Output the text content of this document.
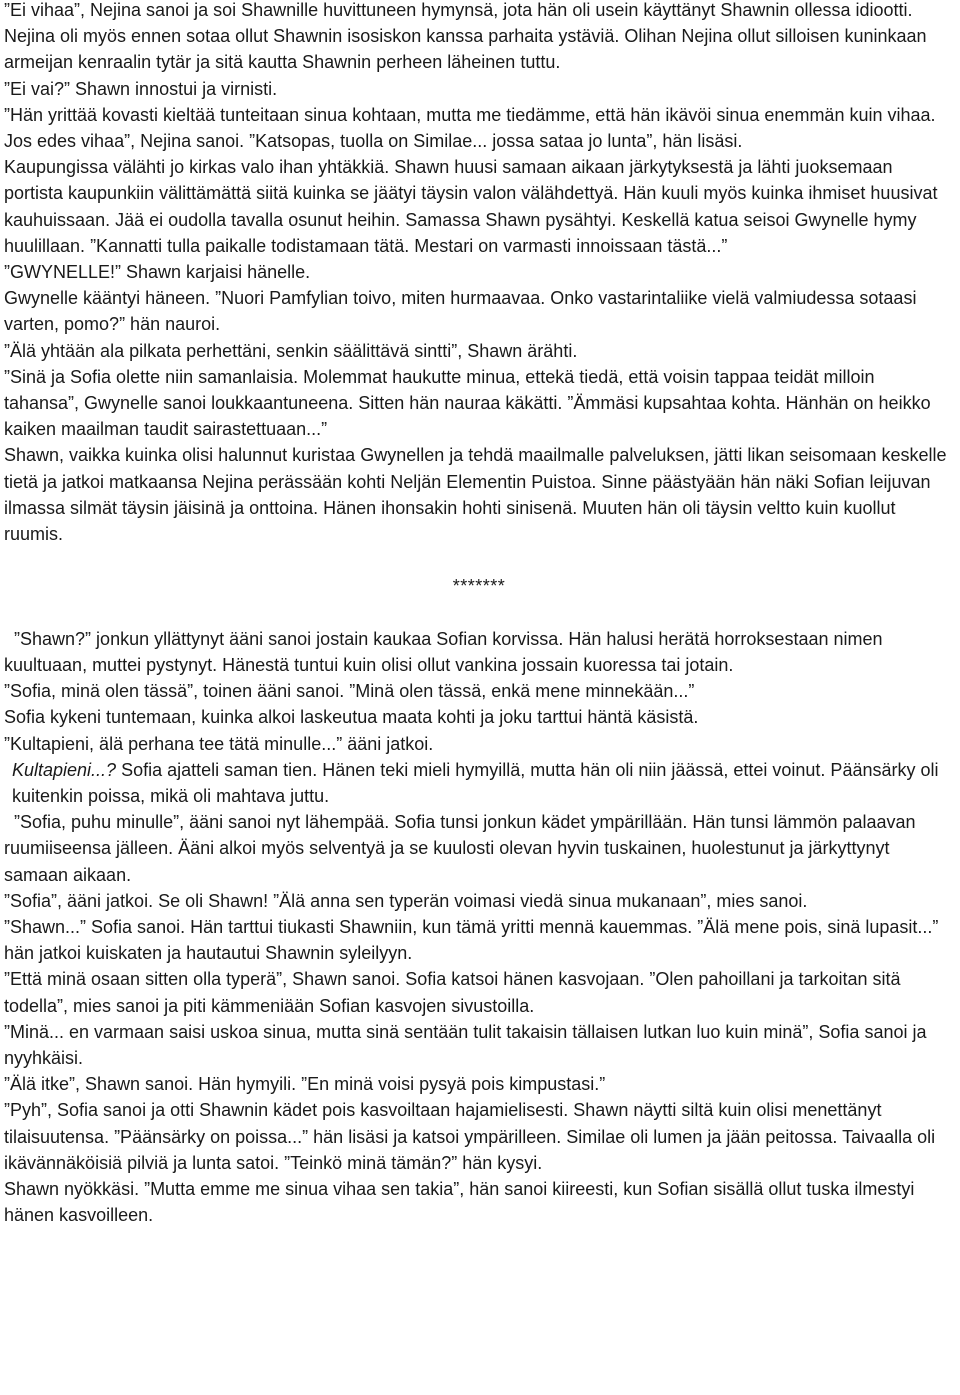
”Ei vihaa”, Nejina sanoi ja soi Shawnille huvittuneen hymynsä, jota hän oli usein käyttänyt Shawnin ollessa idiootti. Nejina oli myös ennen sotaa ollut Shawnin isosiskon kanssa parhaita ystäviä. Olihan Nejina ollut silloisen kuninkaan armeijan kenraalin tytär ja sitä kautta Shawnin perheen läheinen tuttu.

”Ei vai?” Shawn innostui ja virnisti.

”Hän yrittää kovasti kieltää tunteitaan sinua kohtaan, mutta me tiedämme, että hän ikävöi sinua enemmän kuin vihaa. Jos edes vihaa”, Nejina sanoi. ”Katsopas, tuolla on Similae... jossa sataa jo lunta”, hän lisäsi.

Kaupungissa välähti jo kirkas valo ihan yhtäkkiä. Shawn huusi samaan aikaan järkytyksestä ja lähti juoksemaan portista kaupunkiin välittämättä siitä kuinka se jäätyi täysin valon välähdettyä. Hän kuuli myös kuinka ihmiset huusivat kauhuissaan. Jää ei oudolla tavalla osunut heihin. Samassa Shawn pysähtyi. Keskellä katua seisoi Gwynelle hymy huulillaan. ”Kannatti tulla paikalle todistamaan tätä. Mestari on varmasti innoissaan tästä...”

”GWYNELLE!” Shawn karjaisi hänelle.

Gwynelle kääntyi häneen. ”Nuori Pamfylian toivo, miten hurmaavaa. Onko vastarintaliike vielä valmiudessa sotaasi varten, pomo?” hän nauroi.

”Älä yhtään ala pilkata perhettäni, senkin säälittävä sintti”, Shawn ärähti.

”Sinä ja Sofia olette niin samanlaisia. Molemmat haukutte minua, ettekä tiedä, että voisin tappaa teidät milloin tahansa”, Gwynelle sanoi loukkaantuneena. Sitten hän nauraa käkätti. ”Ämmäsi kupsahtaa kohta. Hänhän on heikko kaiken maailman taudit sairastettuaan...”

Shawn, vaikka kuinka olisi halunnut kuristaa Gwynellen ja tehdä maailmalle palveluksen, jätti likan seisomaan keskelle tietä ja jatkoi matkaansa Nejina perässään kohti Neljän Elementin Puistoa. Sinne päästyään hän näki Sofian leijuvan ilmassa silmät täysin jäisinä ja onttoina. Hänen ihonsakin hohti sinisenä. Muuten hän oli täysin veltto kuin kuollut ruumis.

*******

”Shawn?” jonkun yllättynyt ääni sanoi jostain kaukaa Sofian korvissa. Hän halusi herätä horroksestaan nimen kuultuaan, muttei pystynyt. Hänestä tuntui kuin olisi ollut vankina jossain kuoressa tai jotain.

”Sofia, minä olen tässä”, toinen ääni sanoi. ”Minä olen tässä, enkä mene minnekään...”

Sofia kykeni tuntemaan, kuinka alkoi laskeutua maata kohti ja joku tarttui häntä käsistä.

”Kultapieni, älä perhana tee tätä minulle...” ääni jatkoi.

Kultapieni...? Sofia ajatteli saman tien. Hänen teki mieli hymyillä, mutta hän oli niin jäässä, ettei voinut. Päänsärky oli kuitenkin poissa, mikä oli mahtava juttu.

”Sofia, puhu minulle”, ääni sanoi nyt lähempää. Sofia tunsi jonkun kädet ympärillään. Hän tunsi lämmön palaavan ruumiiseensa jälleen. Ääni alkoi myös selventyä ja se kuulosti olevan hyvin tuskainen, huolestunut ja järkyttynyt samaan aikaan.

”Sofia”, ääni jatkoi. Se oli Shawn! ”Älä anna sen typerän voimasi viedä sinua mukanaan”, mies sanoi.

”Shawn...” Sofia sanoi. Hän tarttui tiukasti Shawniin, kun tämä yritti mennä kauemmas. ”Älä mene pois, sinä lupasit...” hän jatkoi kuiskaten ja hautautui Shawnin syleilyyn.

”Että minä osaan sitten olla typerä”, Shawn sanoi. Sofia katsoi hänen kasvojaan. ”Olen pahoillani ja tarkoitan sitä todella”, mies sanoi ja piti kämmeniään Sofian kasvojen sivustoilla.

”Minä... en varmaan saisi uskoa sinua, mutta sinä sentään tulit takaisin tällaisen lutkan luo kuin minä”, Sofia sanoi ja nyyhkäisi.

”Älä itke”, Shawn sanoi. Hän hymyili. ”En minä voisi pysyä pois kimpustasi.”

”Pyh”, Sofia sanoi ja otti Shawnin kädet pois kasvoiltaan hajamielisesti. Shawn näytti siltä kuin olisi menettänyt tilaisuutensa. ”Päänsärky on poissa...” hän lisäsi ja katsoi ympärilleen. Similae oli lumen ja jään peitossa. Taivaalla oli ikävännäköisiä pilviä ja lunta satoi. ”Teinkö minä tämän?” hän kysyi.

Shawn nyökkäsi. ”Mutta emme me sinua vihaa sen takia”, hän sanoi kiireesti, kun Sofian sisällä ollut tuska ilmestyi hänen kasvoilleen.
